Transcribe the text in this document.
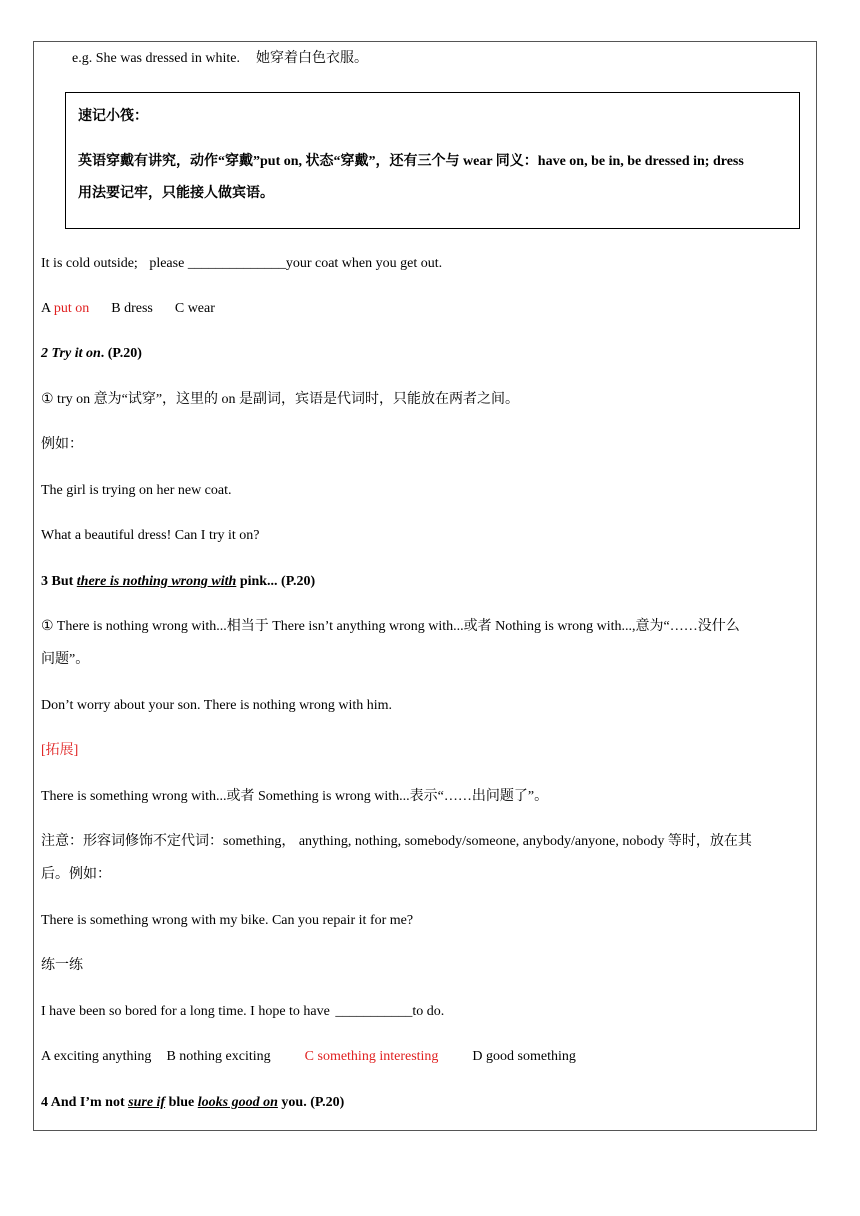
e.g. She was dressed in white. 她穿着白色衣服。
速记小筏：
英语穿戴有讲究，动作“穿戴”put on, 状态“穿戴”，还有三个与 wear 同义：have on, be in, be dressed in; dress
用法要记牢，只能接人做宾语。
It is cold outside; please ______________your coat when you get out.
A put on B dress C wear
2 Try it on. (P.20)
① try on 意为“试穿”，这里的 on 是副词，宾语是代词时，只能放在两者之间。
例如：
The girl is trying on her new coat.
What a beautiful dress! Can I try it on?
3 But there is nothing wrong with pink... (P.20)
① There is nothing wrong with...相当于 There isn’t anything wrong with...或者 Nothing is wrong with...,意为“……没什么
问题”。
Don’t worry about your son. There is nothing wrong with him.
[拓展]
There is something wrong with...或者 Something is wrong with...表示“……出问题了”。
注意：形容词修饰不定代词：something， anything, nothing, somebody/someone, anybody/anyone, nobody 等时，放在其
后。例如：
There is something wrong with my bike. Can you repair it for me?
练一练
I have been so bored for a long time. I hope to have ___________to do.
A exciting anything B nothing exciting C something interesting D good something
4 And I’m not sure if blue looks good on you. (P.20)
